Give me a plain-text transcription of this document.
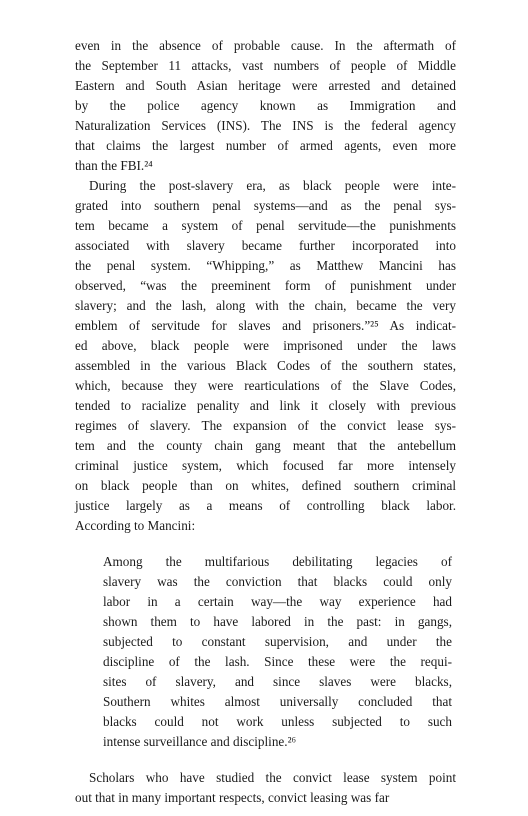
even in the absence of probable cause. In the aftermath of
the September 11 attacks, vast numbers of people of Middle
Eastern and South Asian heritage were arrested and detained
by the police agency known as Immigration and
Naturalization Services (INS). The INS is the federal agency
that claims the largest number of armed agents, even more
than the FBI.²⁴
During the post-slavery era, as black people were inte-
grated into southern penal systems—and as the penal sys-
tem became a system of penal servitude—the punishments
associated with slavery became further incorporated into
the penal system. “Whipping,” as Matthew Mancini has
observed, “was the preeminent form of punishment under
slavery; and the lash, along with the chain, became the very
emblem of servitude for slaves and prisoners.”²⁵ As indicat-
ed above, black people were imprisoned under the laws
assembled in the various Black Codes of the southern states,
which, because they were rearticulations of the Slave Codes,
tended to racialize penality and link it closely with previous
regimes of slavery. The expansion of the convict lease sys-
tem and the county chain gang meant that the antebellum
criminal justice system, which focused far more intensely
on black people than on whites, defined southern criminal
justice largely as a means of controlling black labor.
According to Mancini:
Among the multifarious debilitating legacies of
slavery was the conviction that blacks could only
labor in a certain way—the way experience had
shown them to have labored in the past: in gangs,
subjected to constant supervision, and under the
discipline of the lash. Since these were the requi-
sites of slavery, and since slaves were blacks,
Southern whites almost universally concluded that
blacks could not work unless subjected to such
intense surveillance and discipline.²⁶
Scholars who have studied the convict lease system point
out that in many important respects, convict leasing was far
